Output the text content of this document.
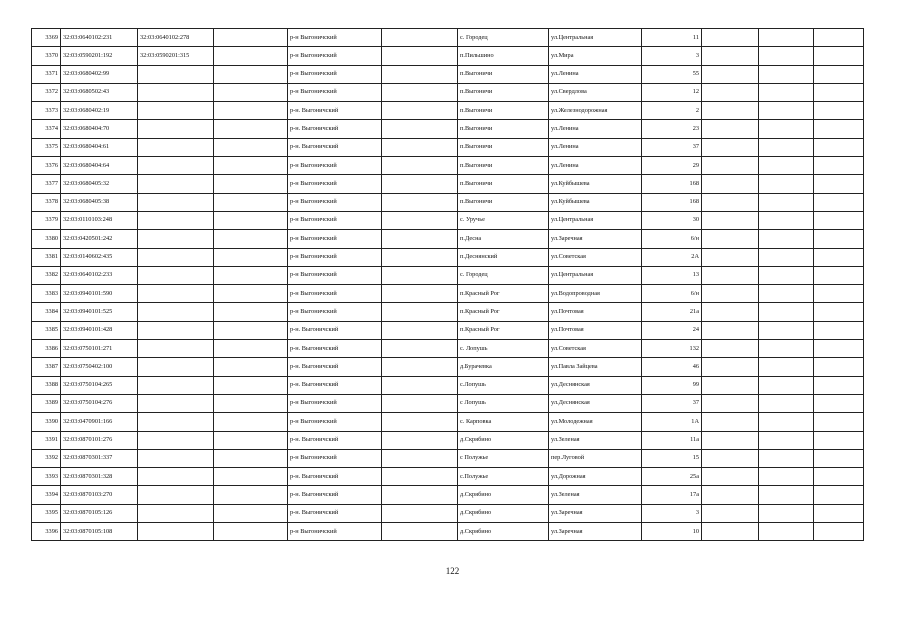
3369	32:03:0640102:231	32:03:0640102:278		р-н Выгоничский		с. Городец	ул.Центральная	11			
3370	32:03:0590201:192	32:03:0590201:315		р-н Выгоничский		п.Пильшино	ул.Мира	3			
3371	32:03:0680402:99			р-н Выгоничский		п.Выгоничи	ул.Ленина	55			
3372	32:03:0680502:43			р-н Выгоничский		п.Выгоничи	ул.Свердлова	12			
3373	32:03:0680402:19			р-н. Выгоничский		п.Выгоничи	ул.Железнодорожная	2			
3374	32:03:0680404:70			р-н. Выгоничский		п.Выгоничи	ул.Ленина	23			
3375	32:03:0680404:61			р-н. Выгоничский		п.Выгоничи	ул.Ленина	37			
3376	32:03:0680404:64			р-н Выгоничский		п.Выгоничи	ул.Ленина	29			
3377	32:03:0680405:32			р-н Выгоничский		п.Выгоничи	ул.Куйбышева	168			
3378	32:03:0680405:38			р-н Выгоничский		п.Выгоничи	ул.Куйбышева	168			
3379	32:03:0110103:248			р-н Выгоничский		с. Уручье	ул.Центральная	30			
3380	32:03:0420501:242			р-н Выгоничский		п.Десна	ул.Заречная	6/н			
3381	32:03:0140602:435			р-н Выгоничский		п.Деснянский	ул.Советская	2А			
3382	32:03:0640102:233			р-н Выгоничский		с. Городец	ул.Центральная	13			
3383	32:03:0940101:590			р-н Выгоничский		п.Красный Рог	ул.Водопроводная	6/н			
3384	32:03:0940101:525			р-н Выгоничский		п.Красный Рог	ул.Почтовая	21а			
3385	32:03:0940101:428			р-н. Выгоничский		п.Красный Рог	ул.Почтовая	24			
3386	32:03:0750101:271			р-н. Выгоничский		с. Лопушь	ул.Советская	132			
3387	32:03:0750402:100			р-н. Выгоничский		д.Бурачевка	ул.Павла Зайцева	46			
3388	32:03:0750104:265			р-н. Выгоничский		с.Лопушь	ул.Деснянская	99			
3389	32:03:0750104:276			р-н Выгоничский		с Лопушь	ул.Деснянская	37			
3390	32:03:0470901:166			р-н Выгоничский		с. Карповка	ул.Молодежная	1А			
3391	32:03:0870101:276			р-н. Выгоничский		д.Скрябино	ул.Зеленая	11а			
3392	32:03:0870301:337			р-н Выгоничский		с Полужье	пер.Луговой	15			
3393	32:03:0870301:328			р-н. Выгоничский		с.Полужье	ул.Дорожная	25а			
3394	32:03:0870103:270			р-н. Выгоничский		д.Скрябино	ул.Зеленая	17а			
3395	32:03:0870105:126			р-н. Выгоничский		д.Скрябино	ул.Заречная	3			
3396	32:03:0870105:108			р-н Выгоничский		д.Скрябино	ул.Заречная	10			
122
